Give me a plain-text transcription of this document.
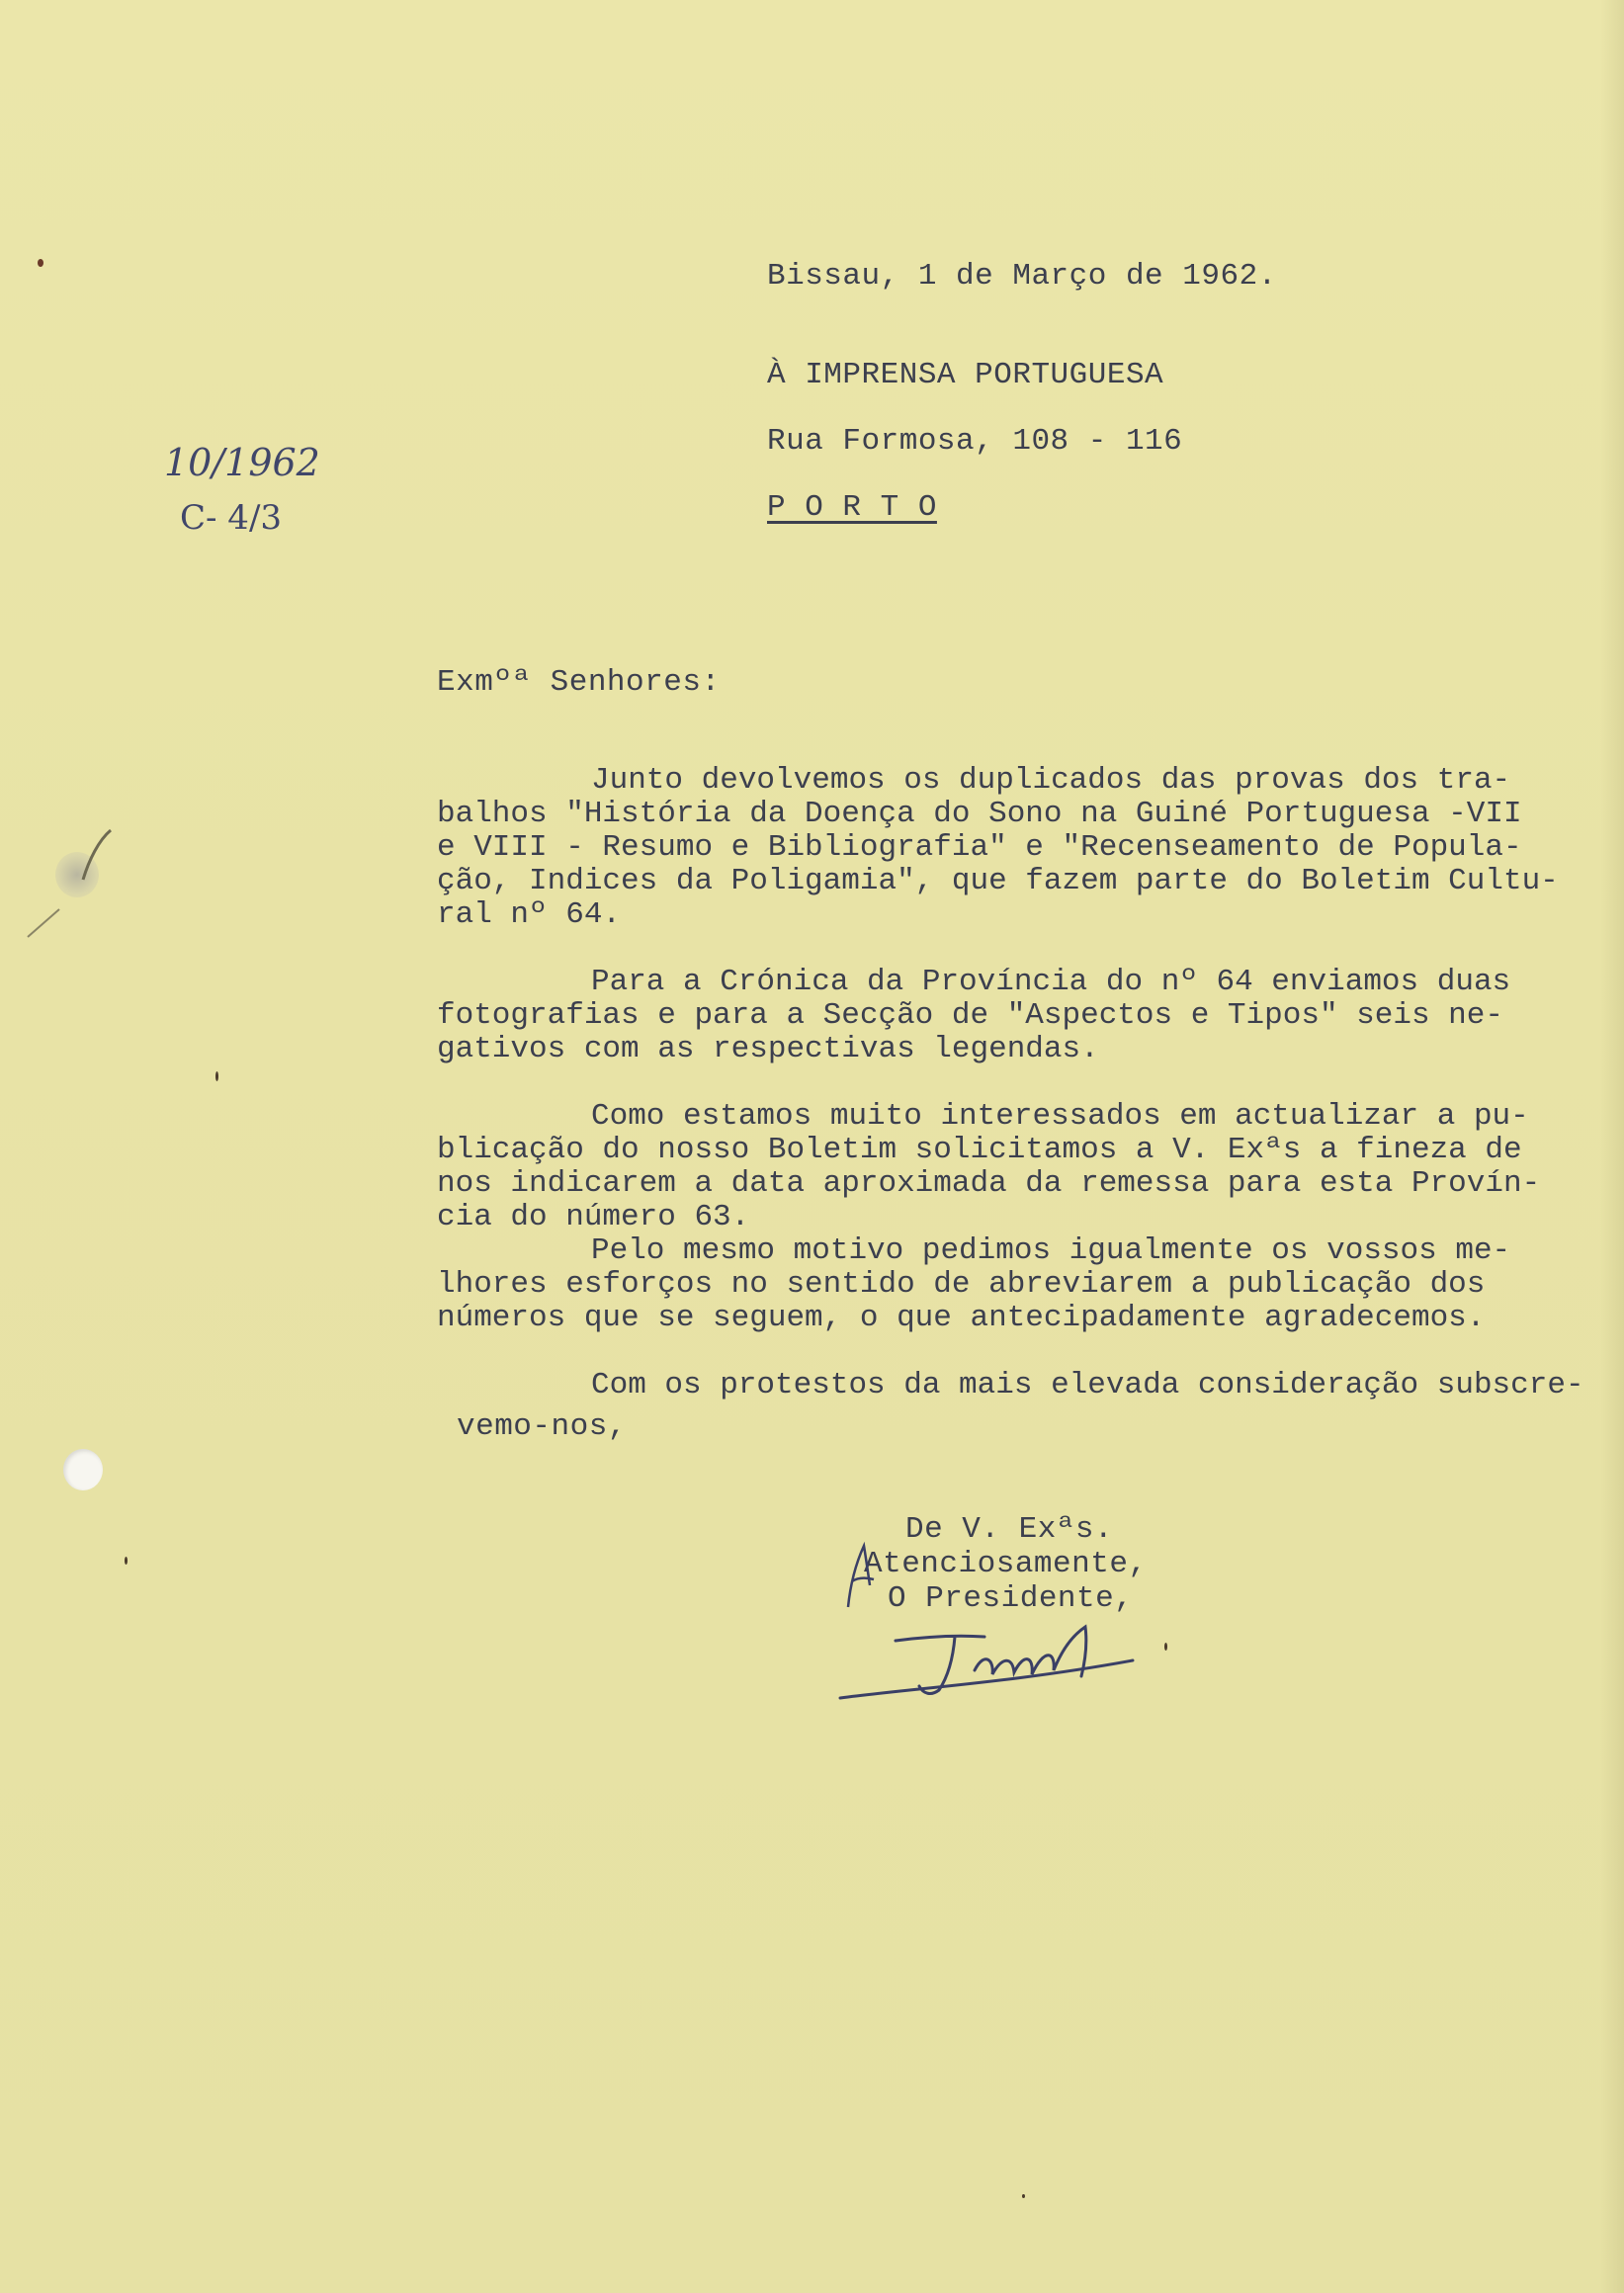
Bissau, 1 de Março de 1962.
À IMPRENSA PORTUGUESA
Rua Formosa, 108 - 116
P O R T O
10/1962
C- 4/3
Exmºª Senhores:

Junto devolvemos os duplicados das provas dos tra-
balhos "História da Doença do Sono na Guiné Portuguesa -VII
e VIII - Resumo e Bibliografia" e "Recenseamento de Popula-
ção, Indices da Poligamia", que fazem parte do Boletim Cultu-
ral nº 64.

Para a Crónica da Província do nº 64 enviamos duas
fotografias e para a Secção de "Aspectos e Tipos" seis ne-
gativos com as respectivas legendas.

Como estamos muito interessados em actualizar a pu-
blicação do nosso Boletim solicitamos a V. Exªs a fineza de
nos indicarem a data aproximada da remessa para esta Provín-
cia do número 63.

Pelo mesmo motivo pedimos igualmente os vossos me-
lhores esforços no sentido de abreviarem a publicação dos
números que se seguem, o que antecipadamente agradecemos.

Com os protestos da mais elevada consideração subscre-

vemo-nos,
De V. Exªs.
Atenciosamente,
O Presidente,
